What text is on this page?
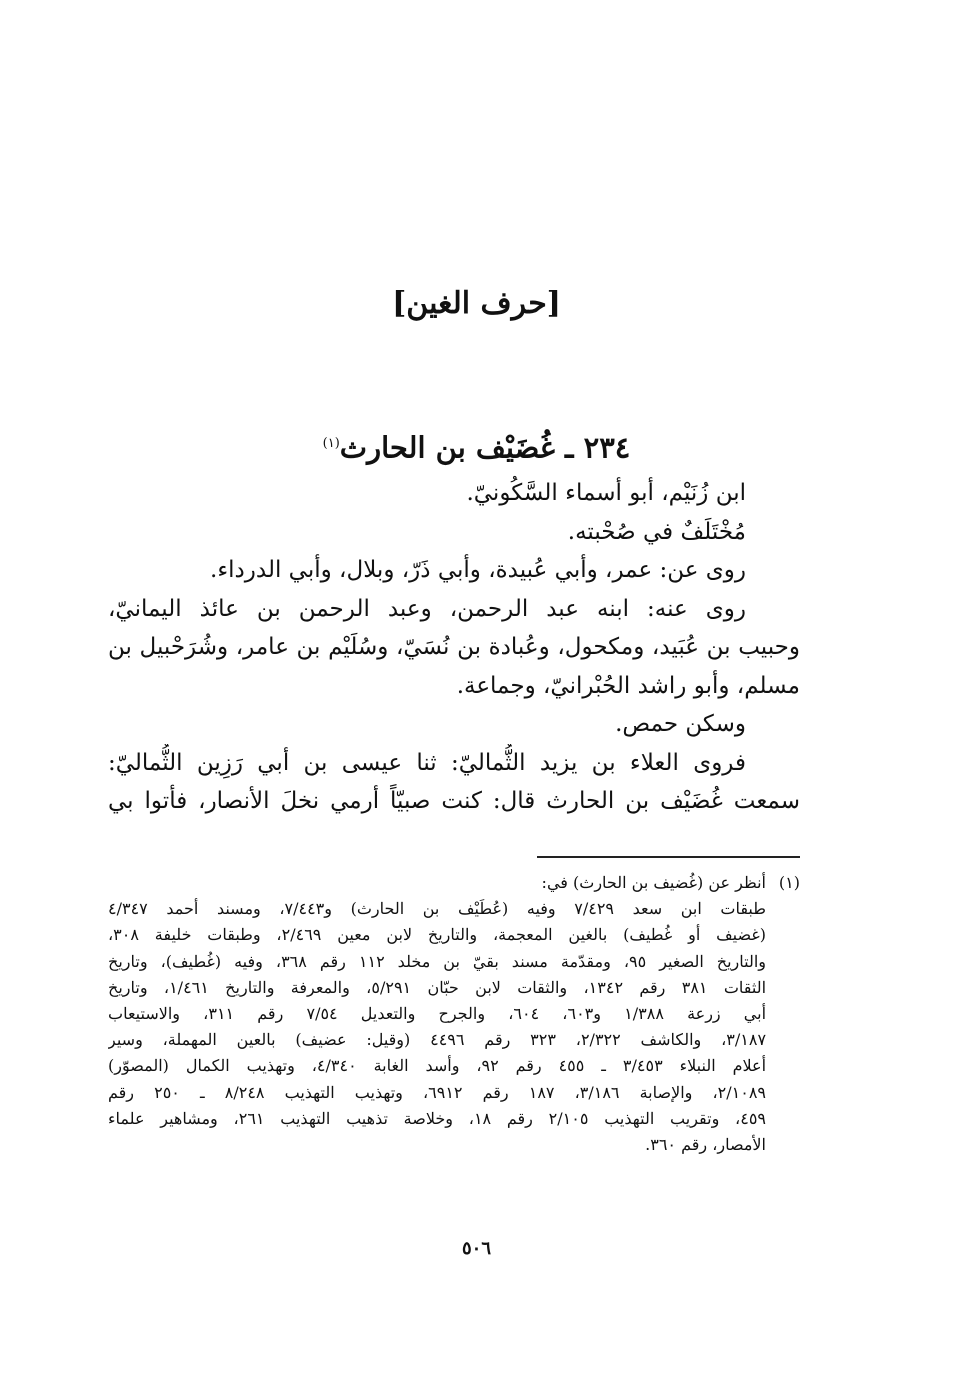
[حرف الغين]
٢٣٤ ـ غُضَيْف بن الحارث$^{(١)}$
ابن زُنَيْم، أبو أسماء السَّكُونيّ.
مُخْتَلَفٌ في صُحْبته.
روى عن: عمر، وأبي عُبيدة، وأبي ذَرّ، وبلال، وأبي الدرداء.
روى عنه: ابنه عبد الرحمن، وعبد الرحمن بن عائذ اليمانيّ،
وحبيب بن عُبَيد، ومكحول، وعُبادة بن نُسَيّ، وسُلَيْم بن عامر، وشُرَحْبيل بن
مسلم، وأبو راشد الحُبْرانيّ، وجماعة.
وسكن حمص.
فروى العلاء بن يزيد الثُّماليّ: ثنا عيسى بن أبي رَزِين الثُّماليّ:
سمعت غُضَيْف بن الحارث قال: كنت صبيّاً أرمي نخلَ الأنصار، فأتوا بي
(١)أنظر عن (غُضيف بن الحارث) في:
طبقات ابن سعد ٧/٤٢٩ وفيه (عُطَيْف بن الحارث) و٧/٤٤٣، ومسند أحمد ٤/٣٤٧
(غضيف أو غُطيف) بالغين المعجمة، والتاريخ لابن معين ٢/٤٦٩، وطبقات خليفة ٣٠٨،
والتاريخ الصغير ٩٥، ومقدّمة مسند بقيّ بن مخلد ١١٢ رقم ٣٦٨، وفيه (غُطيف)، وتاريخ
الثقات ٣٨١ رقم ١٣٤٢، والثقات لابن حبّان ٥/٢٩١، والمعرفة والتاريخ ١/٤٦١، وتاريخ
أبي زرعة ١/٣٨٨ و٦٠٣، ٦٠٤، والجرح والتعديل ٧/٥٤ رقم ٣١١، والاستيعاب
٣/١٨٧، والكاشف ٢/٣٢٢، ٣٢٣ رقم ٤٤٩٦ (وقيل: عضيف) بالعين المهملة، وسير
أعلام النبلاء ٣/٤٥٣ ـ ٤٥٥ رقم ٩٢، وأسد الغابة ٤/٣٤٠، وتهذيب الكمال (المصوّر)
٢/١٠٨٩، والإصابة ٣/١٨٦، ١٨٧ رقم ٦٩١٢، وتهذيب التهذيب ٨/٢٤٨ ـ ٢٥٠ رقم
٤٥٩، وتقريب التهذيب ٢/١٠٥ رقم ١٨، وخلاصة تذهيب التهذيب ٢٦١، ومشاهير علماء
الأمصار، رقم ٣٦٠.
٥٠٦
